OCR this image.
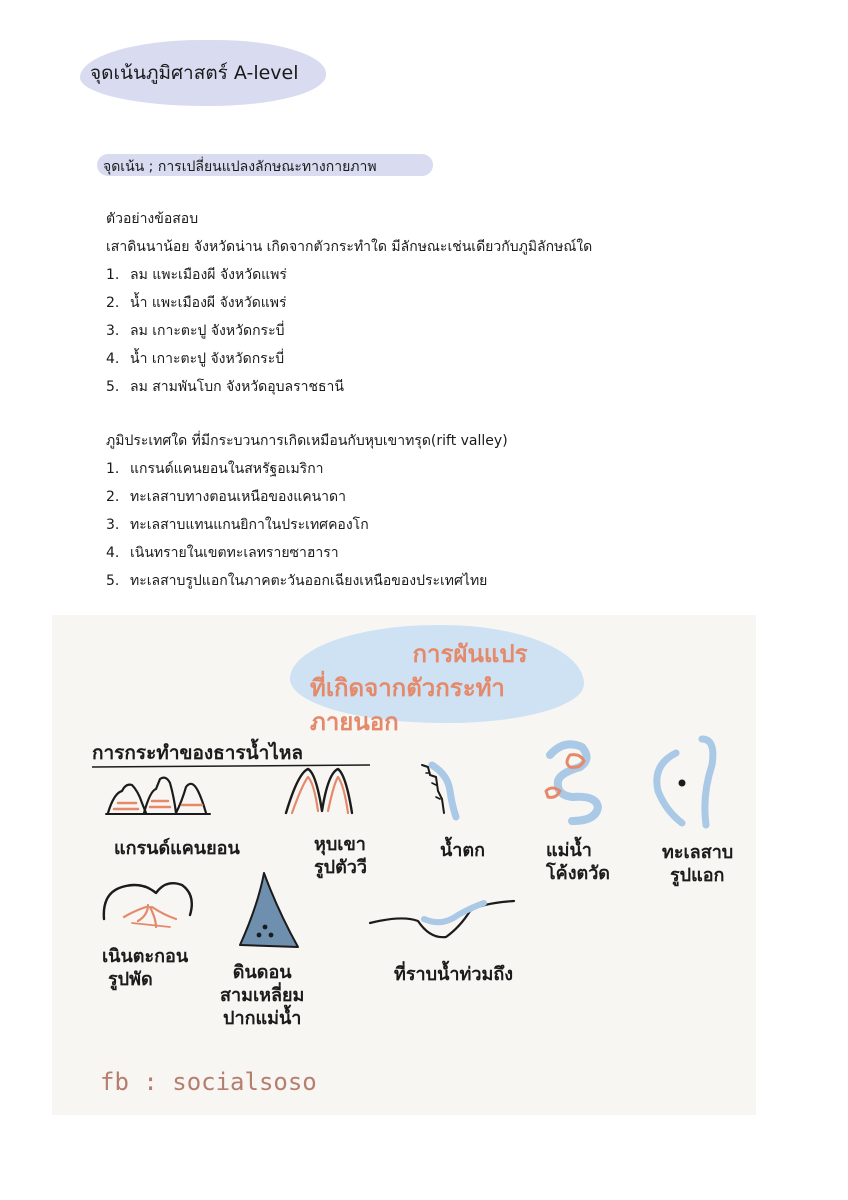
จุดเน้นภูมิศาสตร์ A-level
จุดเน้น ; การเปลี่ยนแปลงลักษณะทางกายภาพ
ตัวอย่างข้อสอบ
เสาดินนาน้อย จังหวัดน่าน เกิดจากตัวกระทำใด มีลักษณะเช่นเดียวกับภูมิลักษณ์ใด
1. ลม แพะเมืองผี จังหวัดแพร่
2. น้ำ แพะเมืองผี จังหวัดแพร่
3. ลม เกาะตะปู จังหวัดกระบี่
4. น้ำ เกาะตะปู จังหวัดกระบี่
5. ลม สามพันโบก จังหวัดอุบลราชธานี
ภูมิประเทศใด ที่มีกระบวนการเกิดเหมือนกับหุบเขาทรุด(rift valley)
1. แกรนด์แคนยอนในสหรัฐอเมริกา
2. ทะเลสาบทางตอนเหนือของแคนาดา
3. ทะเลสาบแทนแกนยิกาในประเทศคองโก
4. เนินทรายในเขตทะเลทรายซาฮารา
5. ทะเลสาบรูปแอกในภาคตะวันออกเฉียงเหนือของประเทศไทย
การผันแปร
ที่เกิดจากตัวกระทำภายนอก
การกระทำของธารน้ำไหล
แกรนด์แคนยอน	หุบเขา
รูปตัววี
น้ำตก	แม่น้ำ
โค้งตวัด
ทะเลสาบ
รูปแอก
เนินตะกอน
รูปพัด	ดินดอน
สามเหลี่ยม
ปากแม่น้ำ
ที่ราบน้ำท่วมถึง
fb : socialsoso
